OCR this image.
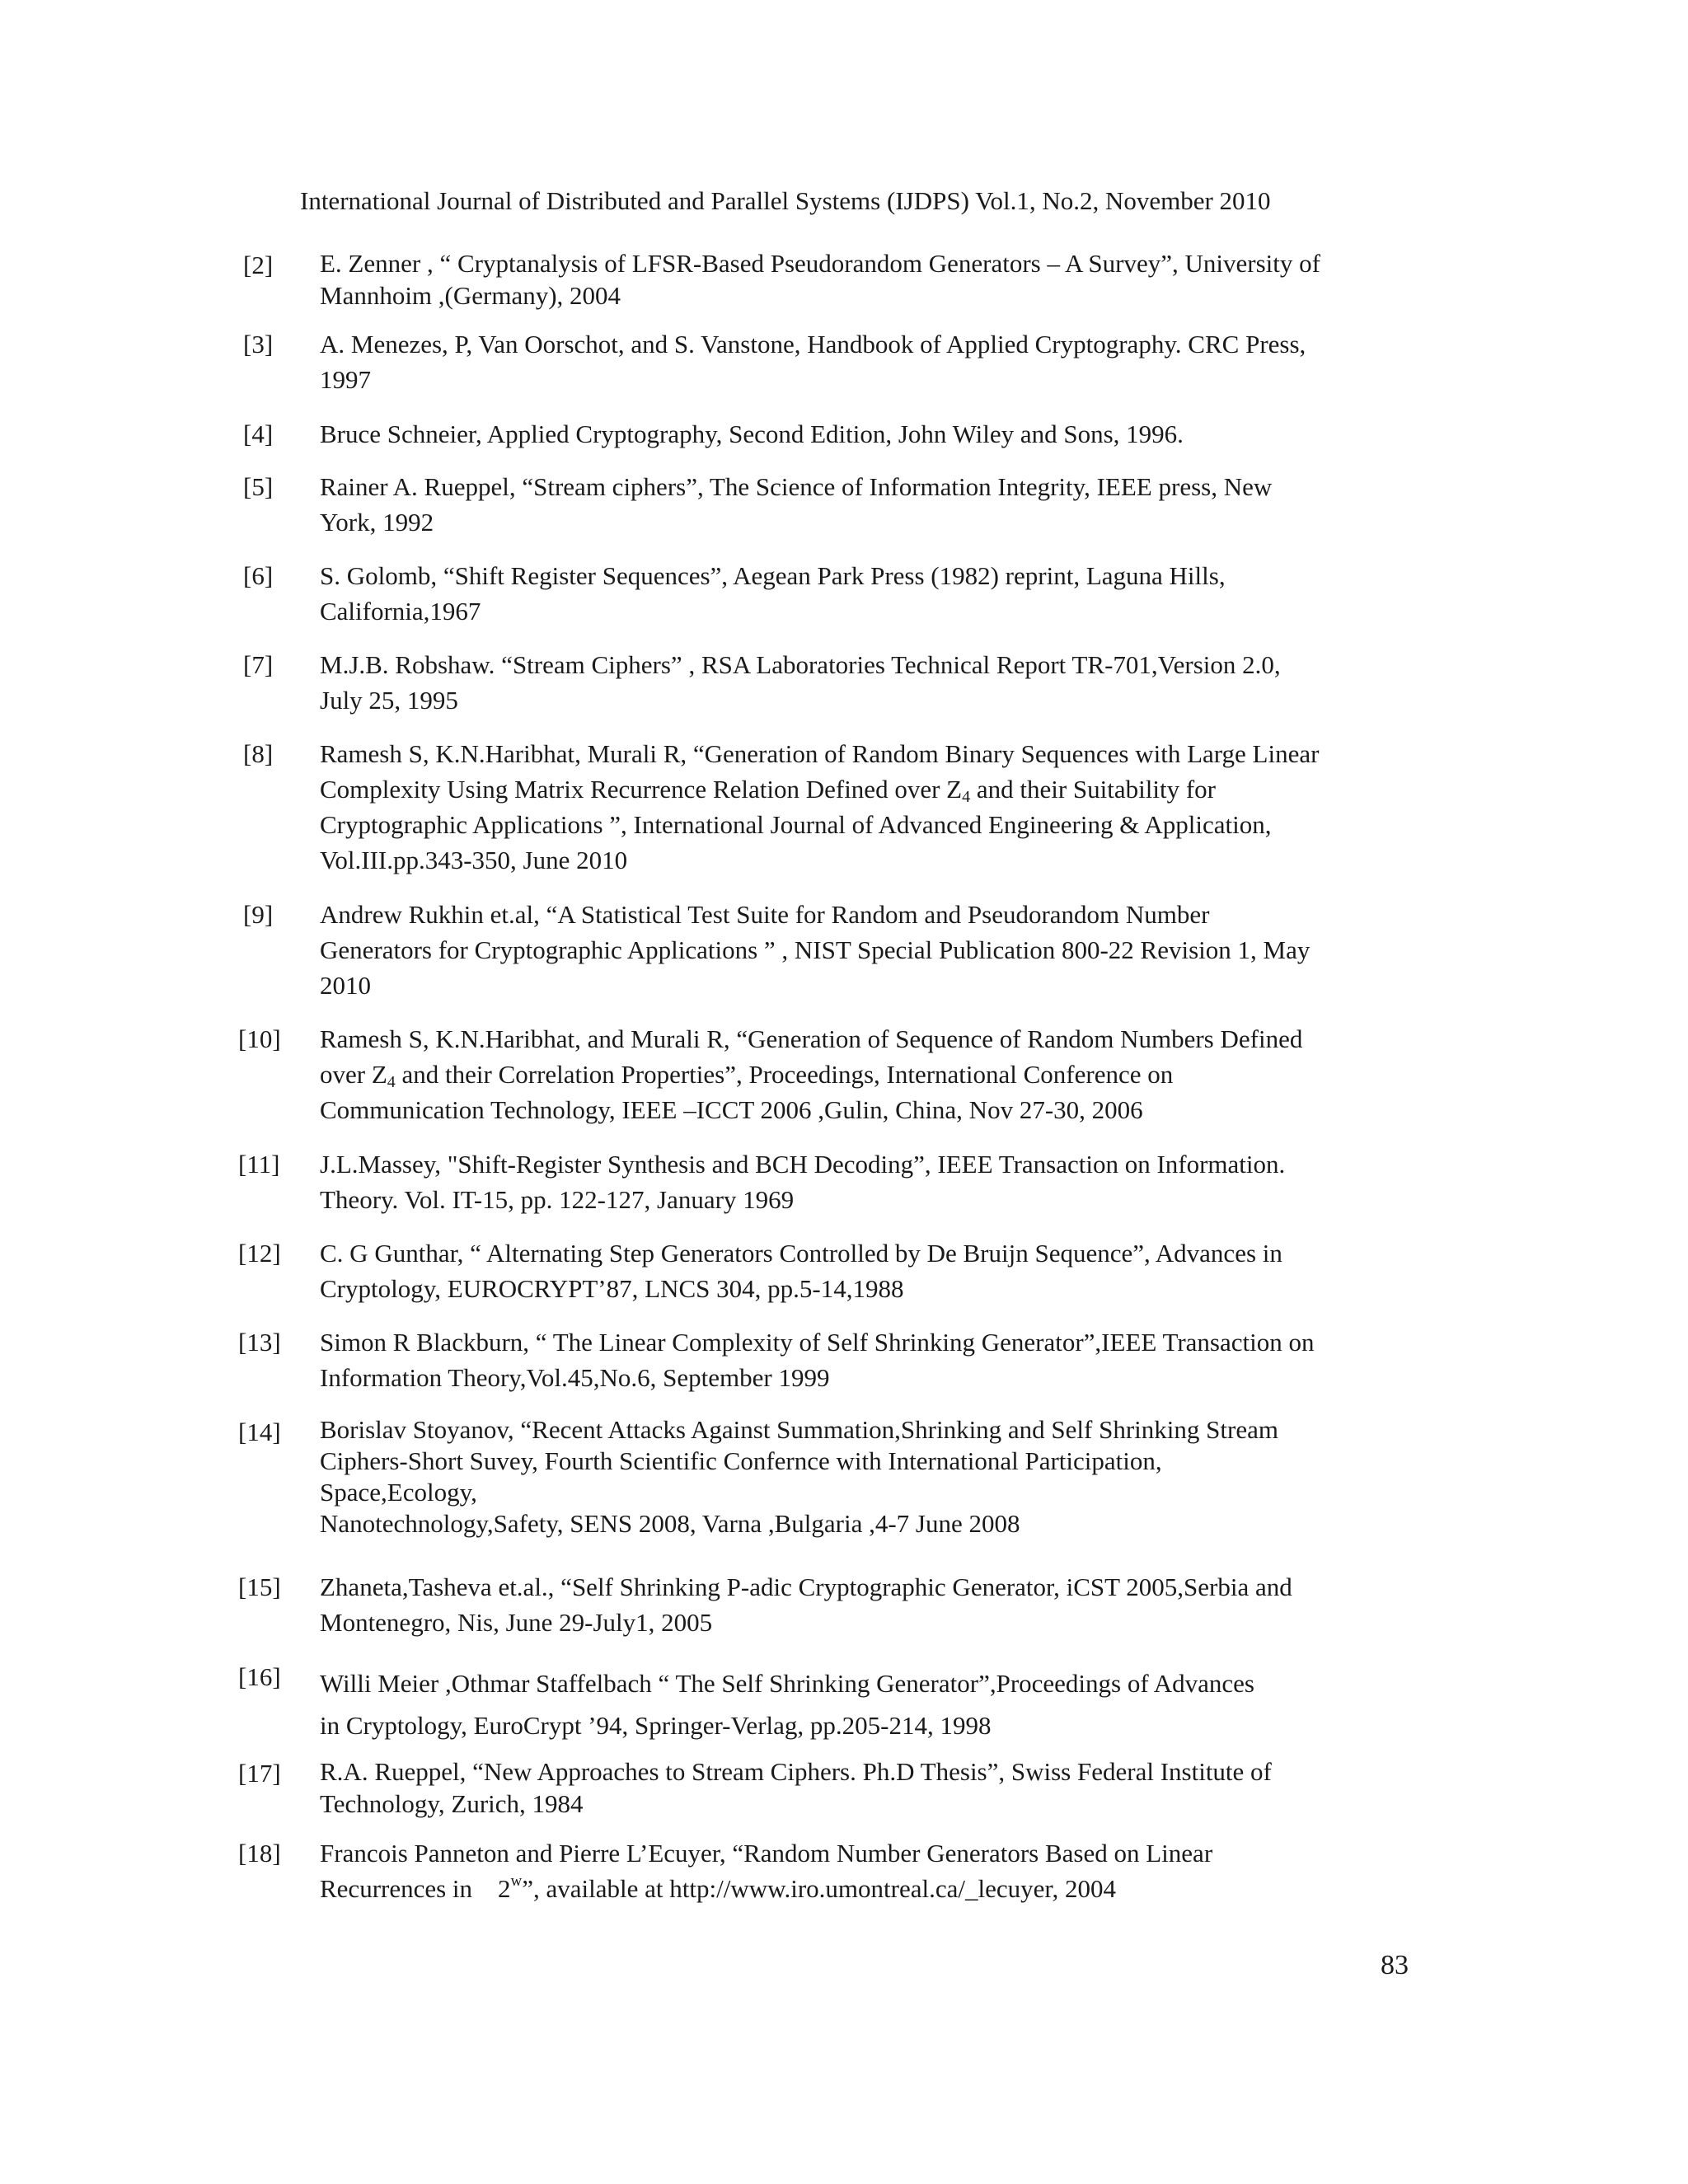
International Journal of Distributed and Parallel Systems (IJDPS) Vol.1, No.2, November 2010
[2] E. Zenner , “ Cryptanalysis of LFSR-Based Pseudorandom Generators – A Survey”, University of
Mannhoim ,(Germany), 2004
[3] A. Menezes, P, Van Oorschot, and S. Vanstone, Handbook of Applied Cryptography. CRC Press,
1997
[4] Bruce Schneier, Applied Cryptography, Second Edition, John Wiley and Sons, 1996.
[5] Rainer A. Rueppel, “Stream ciphers”, The Science of Information Integrity, IEEE press, New
York, 1992
[6] S. Golomb, “Shift Register Sequences”, Aegean Park Press (1982) reprint, Laguna Hills,
California,1967
[7] M.J.B. Robshaw. “Stream Ciphers” , RSA Laboratories Technical Report TR-701,Version 2.0,
July 25, 1995
[8] Ramesh S, K.N.Haribhat, Murali R, “Generation of Random Binary Sequences with Large Linear
Complexity Using Matrix Recurrence Relation Defined over $Z_4$ and their Suitability for
Cryptographic Applications ”, International Journal of Advanced Engineering & Application,
Vol.III.pp.343-350, June 2010
[9] Andrew Rukhin et.al, “A Statistical Test Suite for Random and Pseudorandom Number
Generators for Cryptographic Applications ” , NIST Special Publication 800-22 Revision 1, May
2010
[10] Ramesh S, K.N.Haribhat, and Murali R, “Generation of Sequence of Random Numbers Defined
over $Z_4$ and their Correlation Properties”, Proceedings, International Conference on
Communication Technology, IEEE –ICCT 2006 ,Gulin, China, Nov 27-30, 2006
[11] J.L.Massey, "Shift-Register Synthesis and BCH Decoding”, IEEE Transaction on Information.
Theory. Vol. IT-15, pp. 122-127, January 1969
[12] C. G Gunthar, “ Alternating Step Generators Controlled by De Bruijn Sequence”, Advances in
Cryptology, EUROCRYPT’87, LNCS 304, pp.5-14,1988
[13] Simon R Blackburn, “ The Linear Complexity of Self Shrinking Generator”,IEEE Transaction on
Information Theory,Vol.45,No.6, September 1999
[14] Borislav Stoyanov, “Recent Attacks Against Summation,Shrinking and Self Shrinking Stream
Ciphers-Short Suvey, Fourth Scientific Confernce with International Participation,
Space,Ecology,
Nanotechnology,Safety, SENS 2008, Varna ,Bulgaria ,4-7 June 2008
[15] Zhaneta,Tasheva et.al., “Self Shrinking P-adic Cryptographic Generator, iCST 2005,Serbia and
Montenegro, Nis, June 29-July1, 2005
[16] Willi Meier ,Othmar Staffelbach “ The Self Shrinking Generator”,Proceedings of Advances
in Cryptology, EuroCrypt ’94, Springer-Verlag, pp.205-214, 1998
[17] R.A. Rueppel, “New Approaches to Stream Ciphers. Ph.D Thesis”, Swiss Federal Institute of
Technology, Zurich, 1984
[18] Francois Panneton and Pierre L’Ecuyer, “Random Number Generators Based on Linear
Recurrences in    2$^w$”, available at http://www.iro.umontreal.ca/_lecuyer, 2004
83
